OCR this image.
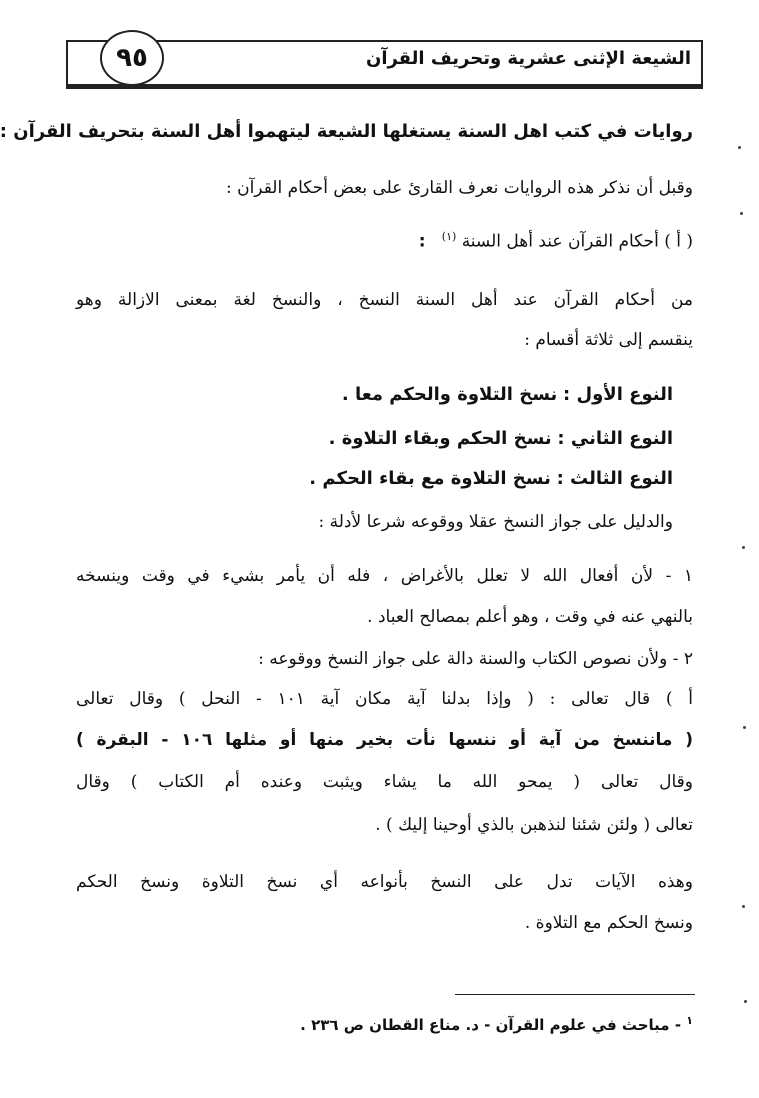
٩٥	الشيعة الإثنى عشرية وتحريف القرآن
روايات في كتب اهل السنة يستغلها الشيعة ليتهموا أهل السنة بتحريف القرآن :
وقبل أن نذكر هذه الروايات نعرف القارئ على بعض أحكام القرآن :
( أ ) أحكام القرآن عند أهل السنة $^{(١)}$   :
من أحكام القرآن عند أهل السنة النسخ ، والنسخ لغة بمعنى الازالة وهو
ينقسم إلى ثلاثة أقسام :
النوع الأول : نسخ التلاوة والحكم معا .
النوع الثاني : نسخ الحكم وبقاء التلاوة .
النوع الثالث : نسخ التلاوة مع بقاء الحكم .
والدليل على جواز النسخ عقلا ووقوعه شرعا لأدلة :
١ - لأن أفعال الله لا تعلل بالأغراض ، فله أن يأمر بشيء في وقت وينسخه
بالنهي عنه في وقت ، وهو أعلم بمصالح العباد .
٢ - ولأن نصوص الكتاب والسنة دالة على جواز النسخ ووقوعه :
أ ) قال تعالى : ( وإذا بدلنا آية مكان آية ١٠١ - النحل ) وقال تعالى
( ماننسخ من آية أو ننسها نأت بخير منها أو مثلها ١٠٦ - البقرة )
وقال تعالى ( يمحو الله ما يشاء ويثبت وعنده أم الكتاب ) وقال
تعالى ( ولئن شئنا لنذهبن بالذي أوحينا إليك ) .
وهذه الآيات تدل على النسخ بأنواعه أي نسخ التلاوة ونسخ الحكم
ونسخ الحكم مع التلاوة .
$^١$ - مباحث في علوم القرآن - د. مناع القطان ص ٢٣٦ .
